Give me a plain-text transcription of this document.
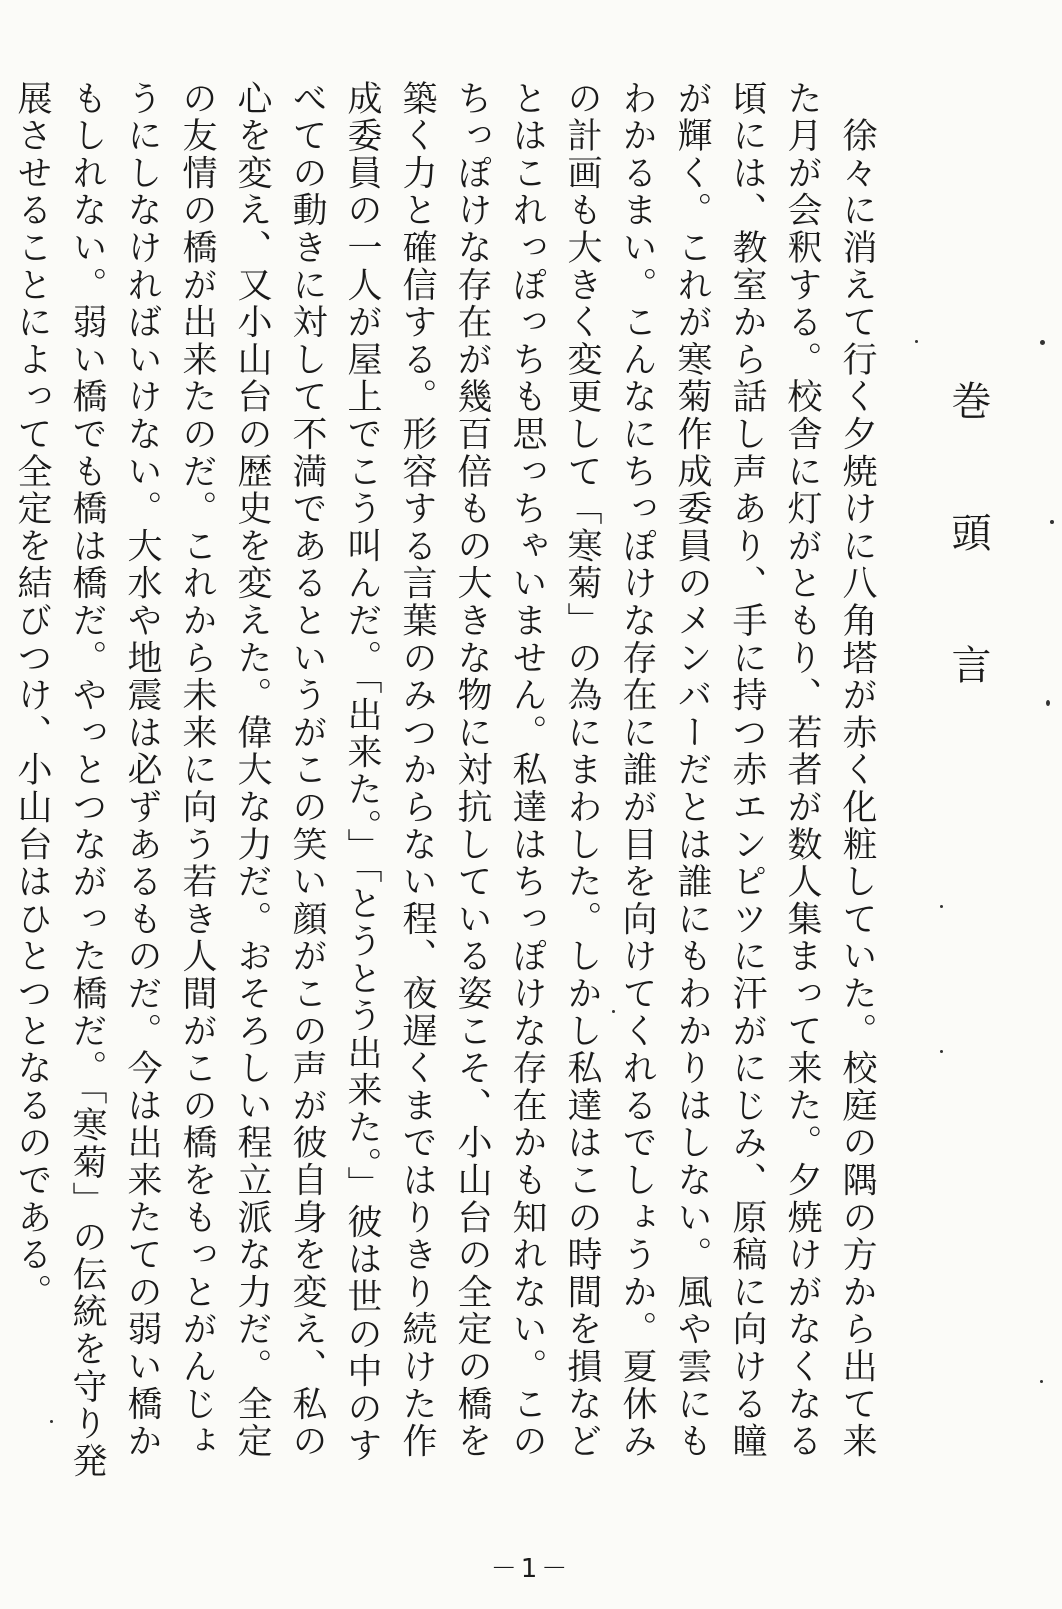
巻頭言

　徐々に消えて行く夕焼けに八角塔が赤く化粧していた。校庭の隅の方から出て来た月が会釈する。校舎に灯がともり、若者が数人集まって来た。夕焼けがなくなる頃には、教室から話し声あり、手に持つ赤エンピツに汗がにじみ、原稿に向ける瞳が輝く。これが寒菊作成委員のメンバーだとは誰にもわかりはしない。風や雲にもわかるまい。こんなにちっぽけな存在に誰が目を向けてくれるでしょうか。夏休みの計画も大きく変更して「寒菊」の為にまわした。しかし私達はこの時間を損などとはこれっぽっちも思っちゃいません。私達はちっぽけな存在かも知れない。このちっぽけな存在が幾百倍もの大きな物に対抗している姿こそ、小山台の全定の橋を築く力と確信する。形容する言葉のみつからない程、夜遅くまではりきり続けた作成委員の一人が屋上でこう叫んだ。「出来た。」「とうとう出来た。」彼は世の中のすべての動きに対して不満であるというがこの笑い顔がこの声が彼自身を変え、私の心を変え、又小山台の歴史を変えた。偉大な力だ。おそろしい程立派な力だ。全定の友情の橋が出来たのだ。これから未来に向う若き人間がこの橋をもっとがんじょうにしなければいけない。大水や地震は必ずあるものだ。今は出来たての弱い橋かもしれない。弱い橋でも橋は橋だ。やっとつながった橋だ。「寒菊」の伝統を守り発展させることによって全定を結びつけ、小山台はひとつとなるのである。

－1－
